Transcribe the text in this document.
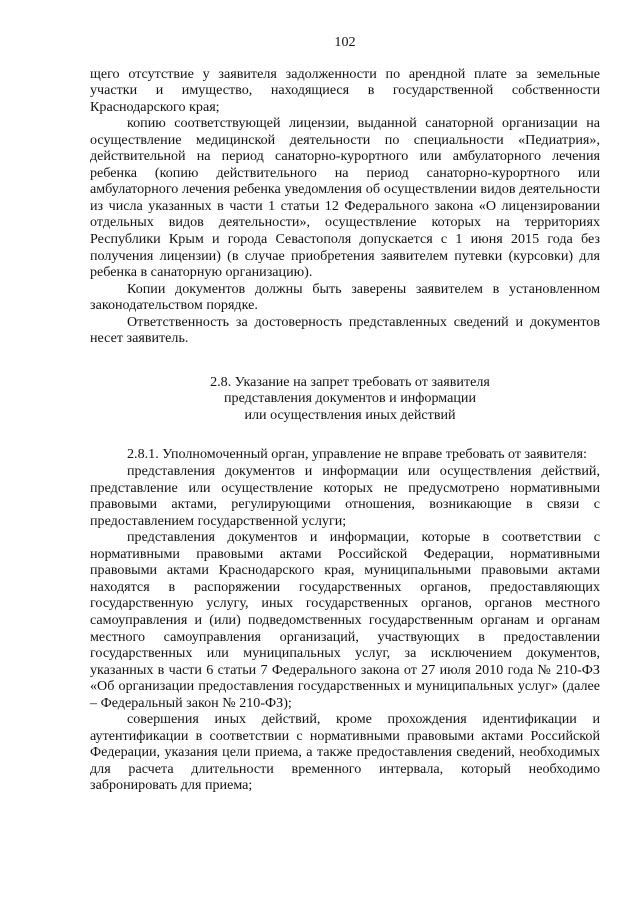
102

щего отсутствие у заявителя задолженности по арендной плате за земельные участки и имущество, находящиеся в государственной собственности Краснодарского края;

копию соответствующей лицензии, выданной санаторной организации на осуществление медицинской деятельности по специальности «Педиатрия», действительной на период санаторно-курортного или амбулаторного лечения ребенка (копию действительного на период санаторно-курортного или амбулаторного лечения ребенка уведомления об осуществлении видов деятельности из числа указанных в части 1 статьи 12 Федерального закона «О лицензировании отдельных видов деятельности», осуществление которых на территориях Республики Крым и города Севастополя допускается с 1 июня 2015 года без получения лицензии) (в случае приобретения заявителем путевки (курсовки) для ребенка в санаторную организацию).

Копии документов должны быть заверены заявителем в установленном законодательством порядке.

Ответственность за достоверность представленных сведений и документов несет заявитель.

2.8. Указание на запрет требовать от заявителя
представления документов и информации
или осуществления иных действий

2.8.1. Уполномоченный орган, управление не вправе требовать от заявителя:

представления документов и информации или осуществления действий, представление или осуществление которых не предусмотрено нормативными правовыми актами, регулирующими отношения, возникающие в связи с предоставлением государственной услуги;

представления документов и информации, которые в соответствии с нормативными правовыми актами Российской Федерации, нормативными правовыми актами Краснодарского края, муниципальными правовыми актами находятся в распоряжении государственных органов, предоставляющих государственную услугу, иных государственных органов, органов местного самоуправления и (или) подведомственных государственным органам и органам местного самоуправления организаций, участвующих в предоставлении государственных или муниципальных услуг, за исключением документов, указанных в части 6 статьи 7 Федерального закона от 27 июля 2010 года № 210-ФЗ «Об организации предоставления государственных и муниципальных услуг» (далее – Федеральный закон № 210-ФЗ);

совершения иных действий, кроме прохождения идентификации и аутентификации в соответствии с нормативными правовыми актами Российской Федерации, указания цели приема, а также предоставления сведений, необходимых для расчета длительности временного интервала, который необходимо забронировать для приема;
